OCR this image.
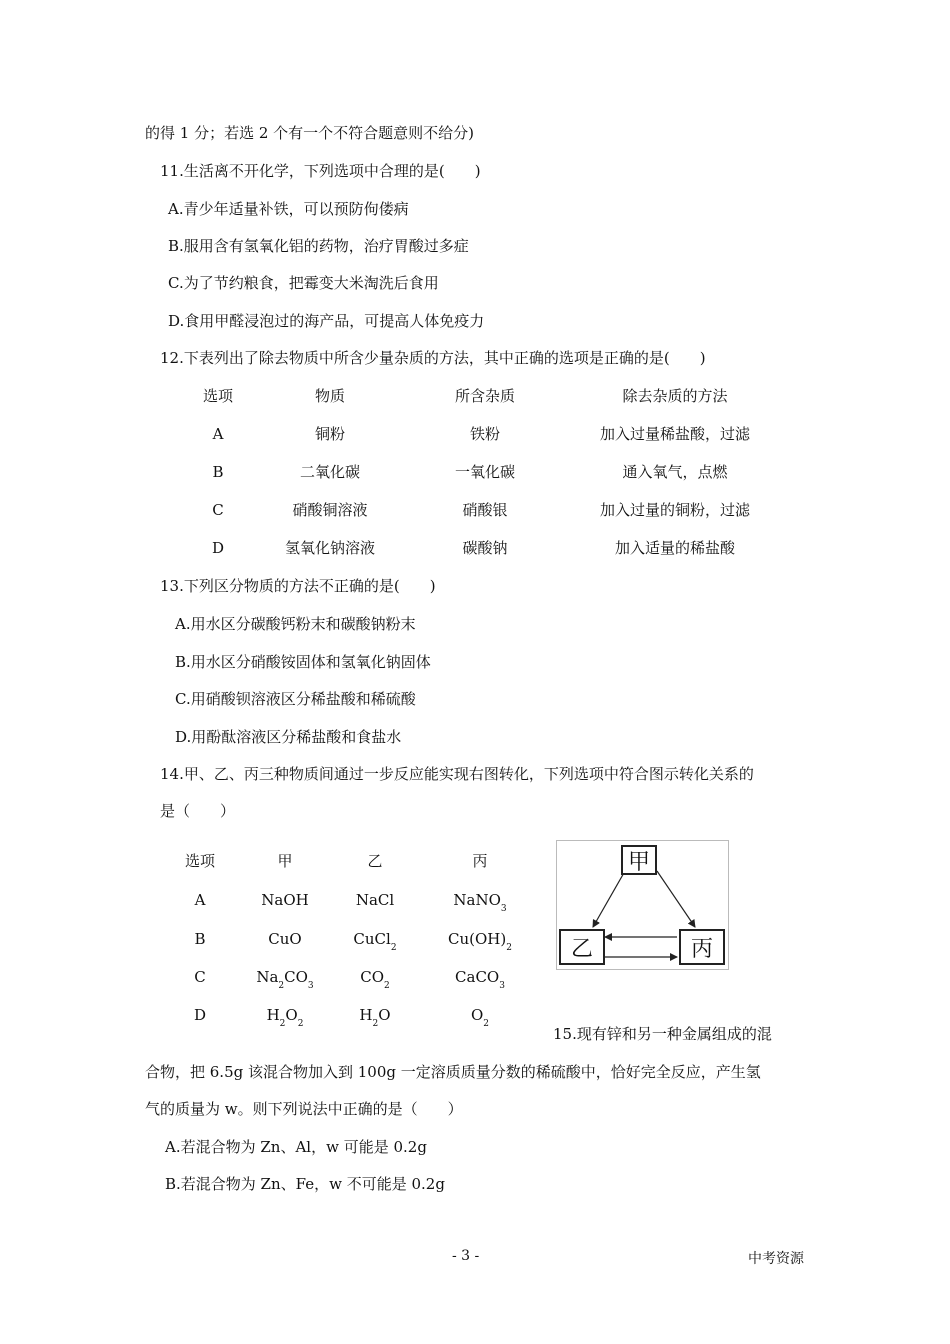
的得 1 分；若选 2 个有一个不符合题意则不给分)
11.生活离不开化学，下列选项中合理的是(　　)
A.青少年适量补铁，可以预防佝偻病
B.服用含有氢氧化铝的药物，治疗胃酸过多症
C.为了节约粮食，把霉变大米淘洗后食用
D.食用甲醛浸泡过的海产品，可提高人体免疫力
12.下表列出了除去物质中所含少量杂质的方法，其中正确的选项是正确的是(　　)
选项	物质	所含杂质	除去杂质的方法
A	铜粉	铁粉	加入过量稀盐酸，过滤
B	二氧化碳	一氧化碳	通入氧气，点燃
C	硝酸铜溶液	硝酸银	加入过量的铜粉，过滤
D	氢氧化钠溶液	碳酸钠	加入适量的稀盐酸
13.下列区分物质的方法不正确的是(　　)
A.用水区分碳酸钙粉末和碳酸钠粉末
B.用水区分硝酸铵固体和氢氧化钠固体
C.用硝酸钡溶液区分稀盐酸和稀硫酸
D.用酚酞溶液区分稀盐酸和食盐水
14.甲、乙、丙三种物质间通过一步反应能实现右图转化，下列选项中符合图示转化关系的
是（　　）
选项	甲	乙	丙
A	NaOH	NaCl	NaNO$_3$
B	CuO	CuCl$_2$	$Cu(OH)_2$
C	$Na_2CO_3$	$CO_2$	CaCO$_3$
D	$H_2O_2$	$H_2O$	$O_2$
甲
乙	丙
15.现有锌和另一种金属组成的混
合物，把 6.5g 该混合物加入到 100g 一定溶质质量分数的稀硫酸中，恰好完全反应，产生氢
气的质量为 w。则下列说法中正确的是（　　）
A.若混合物为 Zn、Al，w 可能是 0.2g
B.若混合物为 Zn、Fe，w 不可能是 0.2g
- 3 -	中考资源
